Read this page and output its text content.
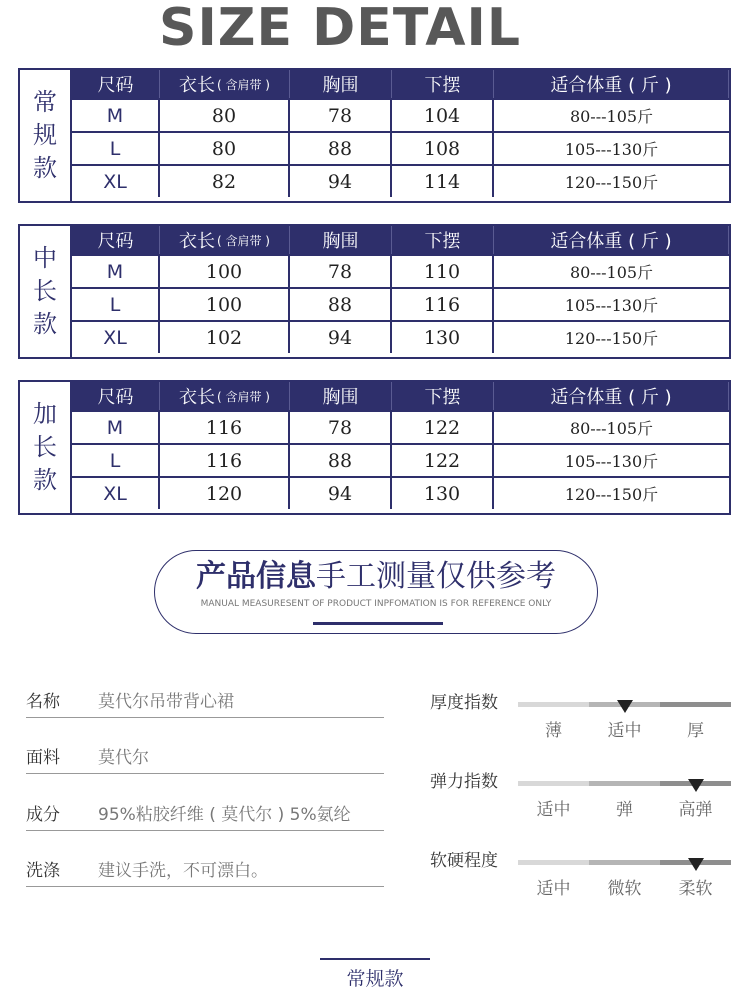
SIZE DETAIL
常
规
款
尺码	衣长 ( 含肩带 )	胸围	下摆	适合体重 ( 斤 )
M	80	78	104	80---105斤
L	80	88	108	105---130斤
XL	82	94	114	120---150斤
中
长
款
尺码	衣长 ( 含肩带 )	胸围	下摆	适合体重 ( 斤 )
M	100	78	110	80---105斤
L	100	88	116	105---130斤
XL	102	94	130	120---150斤
加
长
款
尺码	衣长 ( 含肩带 )	胸围	下摆	适合体重 ( 斤 )
M	116	78	122	80---105斤
L	116	88	122	105---130斤
XL	120	94	130	120---150斤
产品信息手工测量仅供参考
MANUAL MEASURESENT OF PRODUCT INPFOMATION IS FOR REFERENCE ONLY
名称 莫代尔吊带背心裙
面料 莫代尔
成分 95%粘胶纤维 ( 莫代尔 ) 5%氨纶
洗涤 建议手洗，不可漂白。
厚度指数
薄	适中	厚
弹力指数
适中	弹	高弹
软硬程度
适中	微软	柔软
常规款
